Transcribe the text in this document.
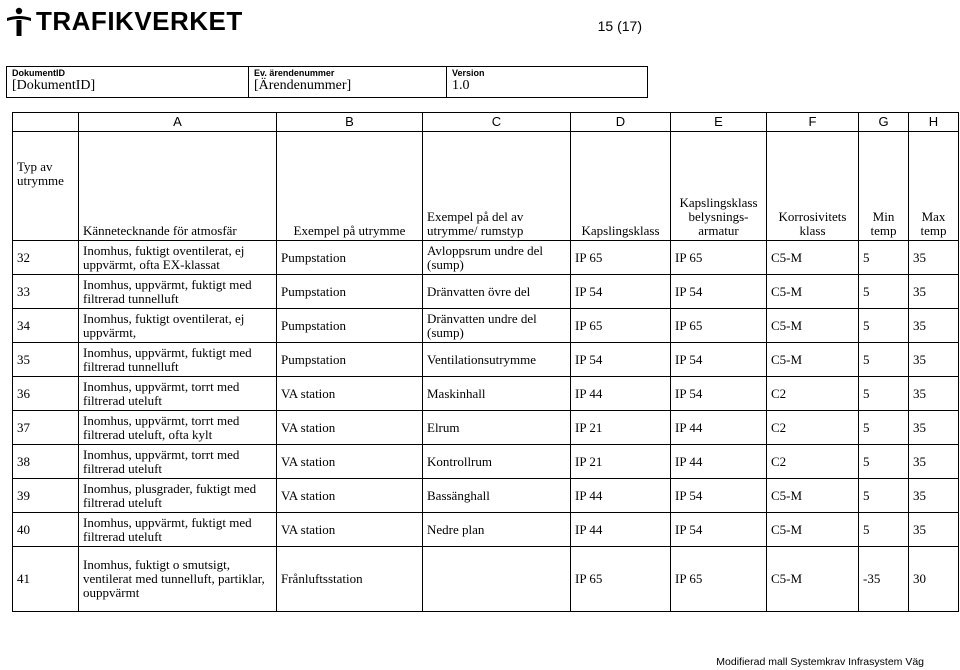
TRAFIKVERKET	15 (17)
DokumentID
[DokumentID]
Ev. ärendenummer
[Ärendenummer]
Version
1.0
	A	B	C	D	E	F	G	H
Typ av utrymme	Kännetecknande för atmosfär	Exempel på utrymme	Exempel på del av utrymme/ rumstyp	Kapslingsklass	Kapslingsklass belysnings-armatur	Korrosivitets klass	Min temp	Max temp
32	Inomhus, fuktigt oventilerat, ej uppvärmt, ofta EX-klassat	Pumpstation	Avloppsrum undre del (sump)	IP 65	IP 65	C5-M	5	35
33	Inomhus, uppvärmt, fuktigt med filtrerad tunnelluft	Pumpstation	Dränvatten övre del	IP 54	IP 54	C5-M	5	35
34	Inomhus, fuktigt oventilerat, ej uppvärmt,	Pumpstation	Dränvatten undre del (sump)	IP 65	IP 65	C5-M	5	35
35	Inomhus, uppvärmt, fuktigt med filtrerad tunnelluft	Pumpstation	Ventilationsutrymme	IP 54	IP 54	C5-M	5	35
36	Inomhus, uppvärmt, torrt med filtrerad uteluft	VA station	Maskinhall	IP 44	IP 54	C2	5	35
37	Inomhus, uppvärmt, torrt med filtrerad uteluft, ofta kylt	VA station	Elrum	IP 21	IP 44	C2	5	35
38	Inomhus, uppvärmt, torrt med filtrerad uteluft	VA station	Kontrollrum	IP 21	IP 44	C2	5	35
39	Inomhus, plusgrader, fuktigt med filtrerad uteluft	VA station	Bassänghall	IP 44	IP 54	C5-M	5	35
40	Inomhus, uppvärmt, fuktigt med filtrerad uteluft	VA station	Nedre plan	IP 44	IP 54	C5-M	5	35
41	Inomhus, fuktigt o smutsigt, ventilerat med tunnelluft, partiklar, ouppvärmt	Frånluftsstation		IP 65	IP 65	C5-M	-35	30
Modifierad mall Systemkrav Infrasystem Väg
